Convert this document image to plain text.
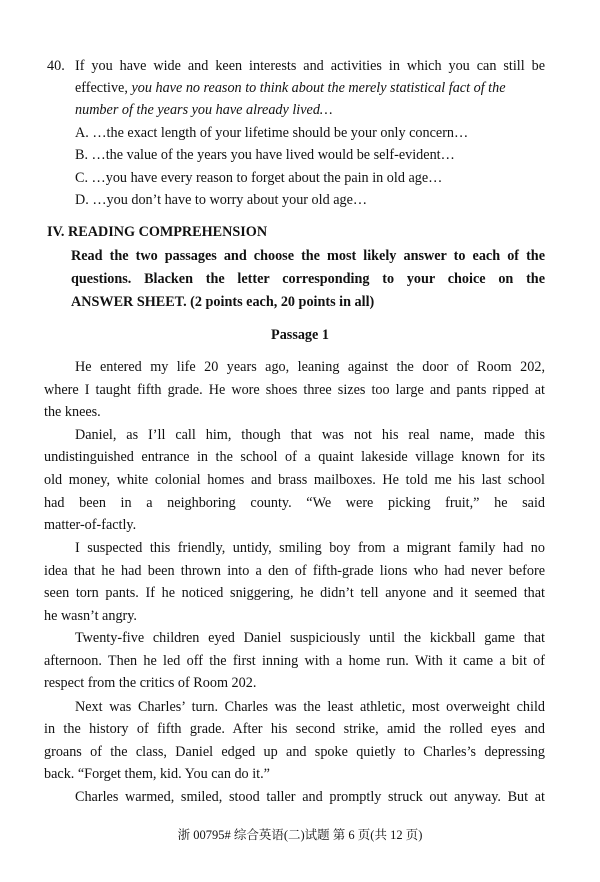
40. If you have wide and keen interests and activities in which you can still be
effective, you have no reason to think about the merely statistical fact of the
number of the years you have already lived…
A. …the exact length of your lifetime should be your only concern…
B. …the value of the years you have lived would be self-evident…
C. …you have every reason to forget about the pain in old age…
D. …you don’t have to worry about your old age…
IV. READING COMPREHENSION
Read the two passages and choose the most likely answer to each of the
questions. Blacken the letter corresponding to your choice on the
ANSWER SHEET. (2 points each, 20 points in all)
Passage 1
He entered my life 20 years ago, leaning against the door of Room 202,
where I taught fifth grade. He wore shoes three sizes too large and pants ripped at
the knees.
Daniel, as I’ll call him, though that was not his real name, made this
undistinguished entrance in the school of a quaint lakeside village known for its
old money, white colonial homes and brass mailboxes. He told me his last school
had been in a neighboring county. “We were picking fruit,” he said
matter-of-factly.
I suspected this friendly, untidy, smiling boy from a migrant family had no
idea that he had been thrown into a den of fifth-grade lions who had never before
seen torn pants. If he noticed sniggering, he didn’t tell anyone and it seemed that
he wasn’t angry.
Twenty-five children eyed Daniel suspiciously until the kickball game that
afternoon. Then he led off the first inning with a home run. With it came a bit of
respect from the critics of Room 202.
Next was Charles’ turn. Charles was the least athletic, most overweight child
in the history of fifth grade. After his second strike, amid the rolled eyes and
groans of the class, Daniel edged up and spoke quietly to Charles’s depressing
back. “Forget them, kid. You can do it.”
Charles warmed, smiled, stood taller and promptly struck out anyway. But at
浙 00795# 综合英语(二)试题 第 6 页(共 12 页)
